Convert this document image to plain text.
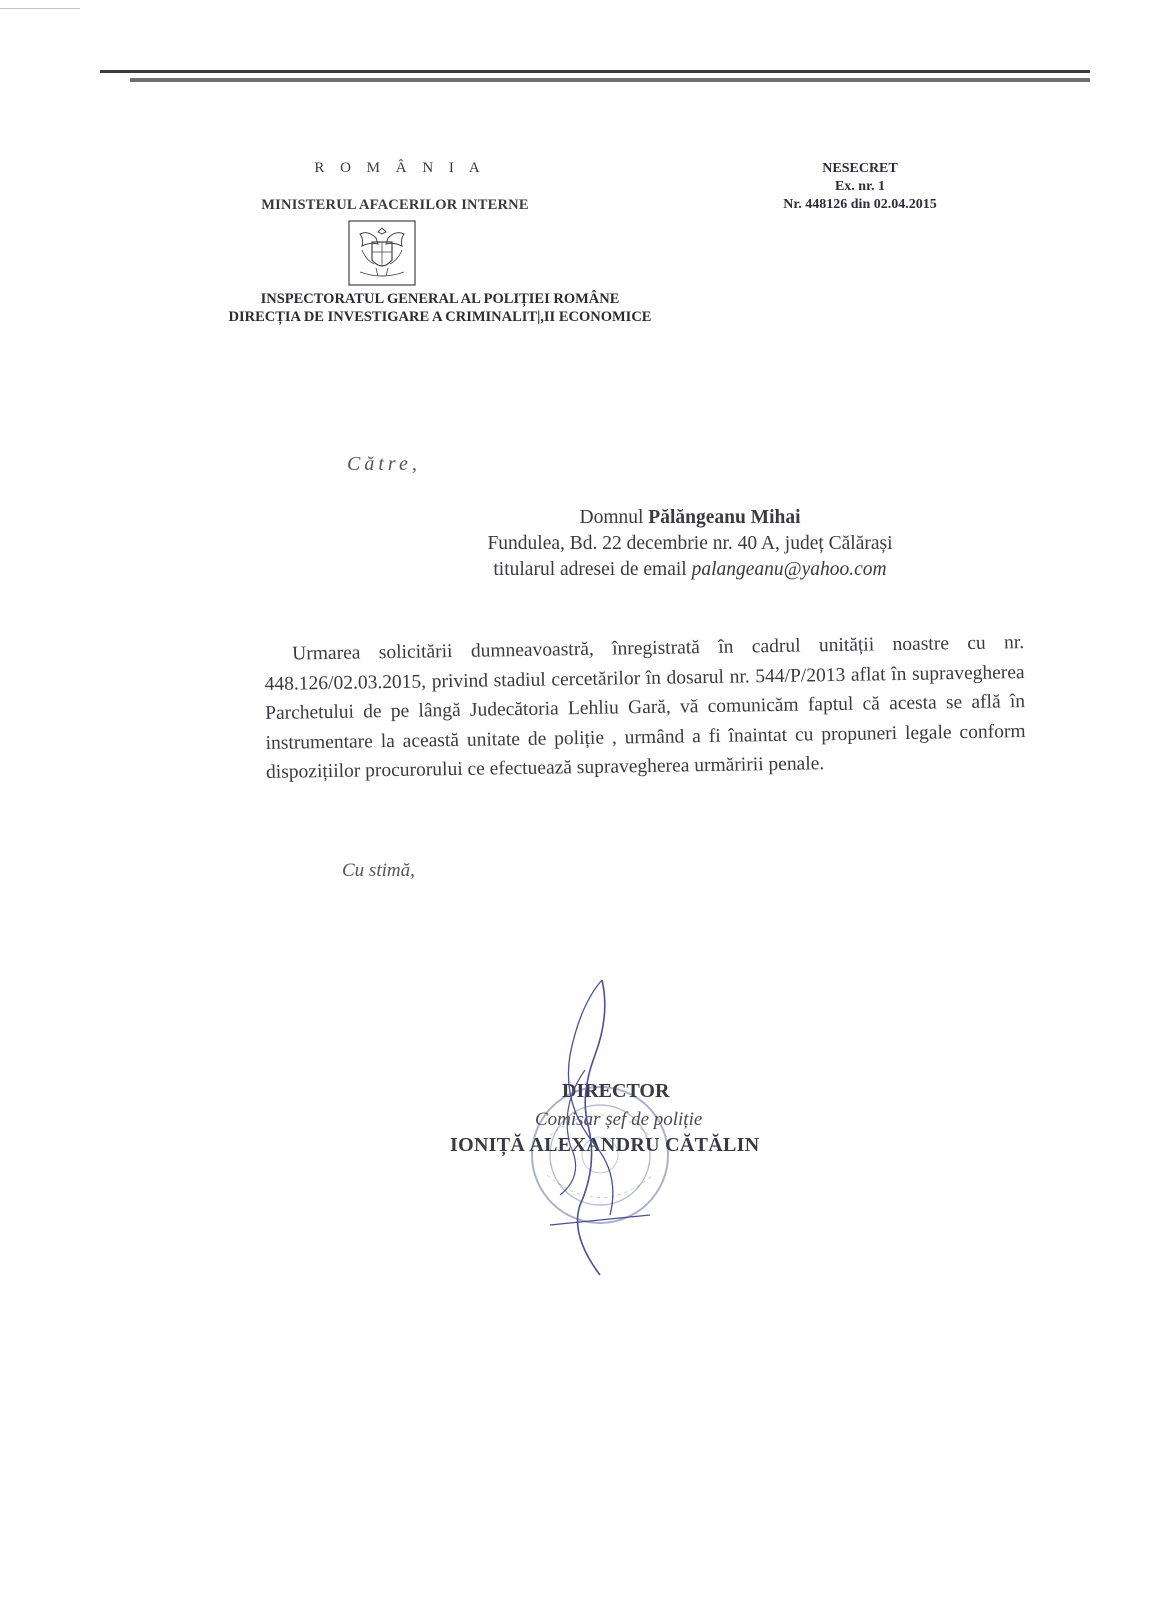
R O M Â N I A
MINISTERUL AFACERILOR INTERNE
INSPECTORATUL GENERAL AL POLIȚIEI ROMÂNE
DIRECȚIA DE INVESTIGARE A CRIMINALIT|,II ECONOMICE
NESECRET
Ex. nr. 1
Nr. 448126 din 02.04.2015
Către,
Domnul Pălăngeanu Mihai
Fundulea, Bd. 22 decembrie nr. 40 A, județ Călărași
titularul adresei de email palangeanu@yahoo.com
Urmarea solicitării dumneavoastră, înregistrată în cadrul unității noastre cu nr. 448.126/02.03.2015, privind stadiul cercetărilor în dosarul nr. 544/P/2013 aflat în supravegherea Parchetului de pe lângă Judecătoria Lehliu Gară, vă comunicăm faptul că acesta se află în instrumentare la această unitate de poliție , urmând a fi înaintat cu propuneri legale conform dispozițiilor procurorului ce efectuează supravegherea urmăririi penale.
Cu stimă,
DIRECTOR
Comisar șef de poliție
IONIȚĂ ALEXANDRU CĂTĂLIN
